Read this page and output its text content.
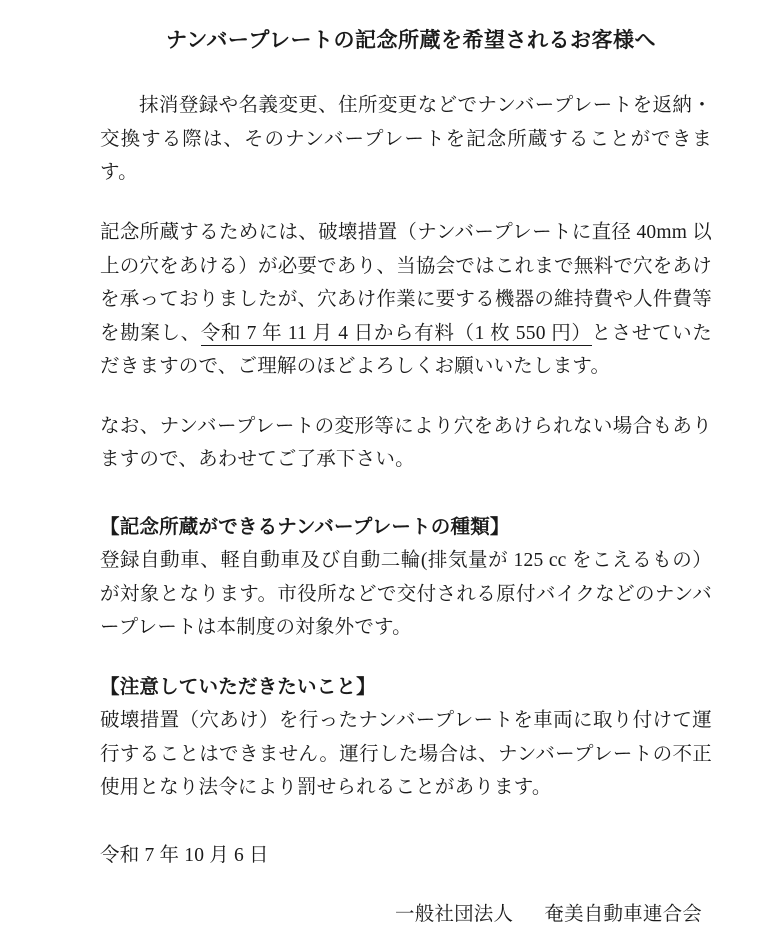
ナンバープレートの記念所蔵を希望されるお客様へ

抹消登録や名義変更、住所変更などでナンバープレートを返納・交換する際は、そのナンバープレートを記念所蔵することができます。

記念所蔵するためには、破壊措置（ナンバープレートに直径 40mm 以上の穴をあける）が必要であり、当協会ではこれまで無料で穴をあけを承っておりましたが、穴あけ作業に要する機器の維持費や人件費等を勘案し、令和 7 年 11 月 4 日から有料（1 枚 550 円）とさせていただきますので、ご理解のほどよろしくお願いいたします。

なお、ナンバープレートの変形等により穴をあけられない場合もありますので、あわせてご了承下さい。

【記念所蔵ができるナンバープレートの種類】

登録自動車、軽自動車及び自動二輪(排気量が 125 cc をこえるもの）が対象となります。市役所などで交付される原付バイクなどのナンバープレートは本制度の対象外です。

【注意していただきたいこと】

破壊措置（穴あけ）を行ったナンバープレートを車両に取り付けて運行することはできません。運行した場合は、ナンバープレートの不正使用となり法令により罰せられることがあります。

令和 7 年 10 月 6 日

一般社団法人 奄美自動車連合会
